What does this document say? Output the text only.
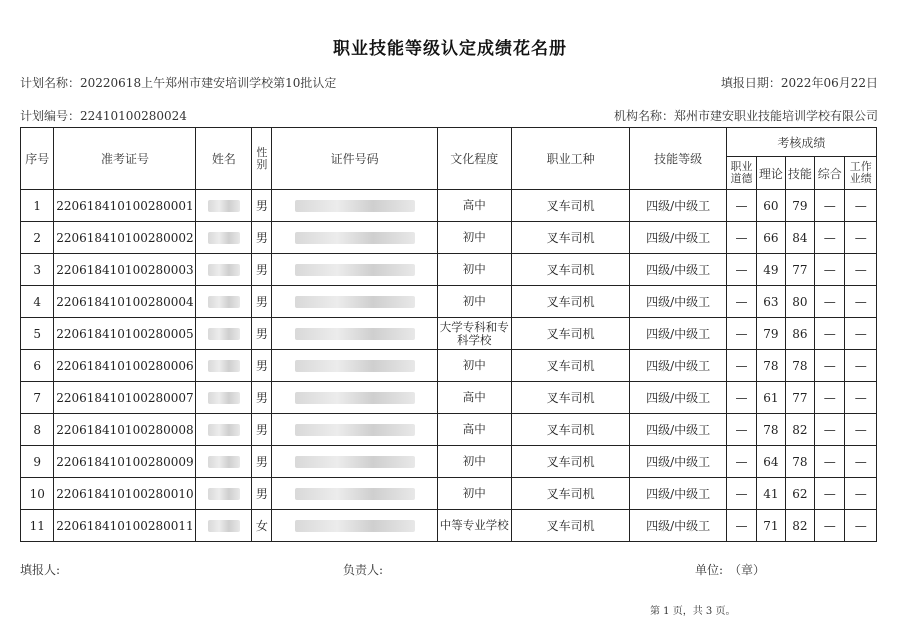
职业技能等级认定成绩花名册
计划名称：20220618上午郑州市建安培训学校第10批认定	填报日期：2022年06月22日
计划编号：22410100280024	机构名称：郑州市建安职业技能培训学校有限公司
序号	准考证号	姓名	性别	证件号码	文化程度	职业工种	技能等级	考核成绩				
								职业道德	理论	技能	综合	工作业绩
1	220618410100280001		男		高中	叉车司机	四级/中级工	—	60	79	—	—
2	220618410100280002		男		初中	叉车司机	四级/中级工	—	66	84	—	—
3	220618410100280003		男		初中	叉车司机	四级/中级工	—	49	77	—	—
4	220618410100280004		男		初中	叉车司机	四级/中级工	—	63	80	—	—
5	220618410100280005		男		大学专科和专科学校	叉车司机	四级/中级工	—	79	86	—	—
6	220618410100280006		男		初中	叉车司机	四级/中级工	—	78	78	—	—
7	220618410100280007		男		高中	叉车司机	四级/中级工	—	61	77	—	—
8	220618410100280008		男		高中	叉车司机	四级/中级工	—	78	82	—	—
9	220618410100280009		男		初中	叉车司机	四级/中级工	—	64	78	—	—
10	220618410100280010		男		初中	叉车司机	四级/中级工	—	41	62	—	—
11	220618410100280011		女		中等专业学校	叉车司机	四级/中级工	—	71	82	—	—
填报人:	负责人:	单位:　（章）
第 1 页，共 3 页。
